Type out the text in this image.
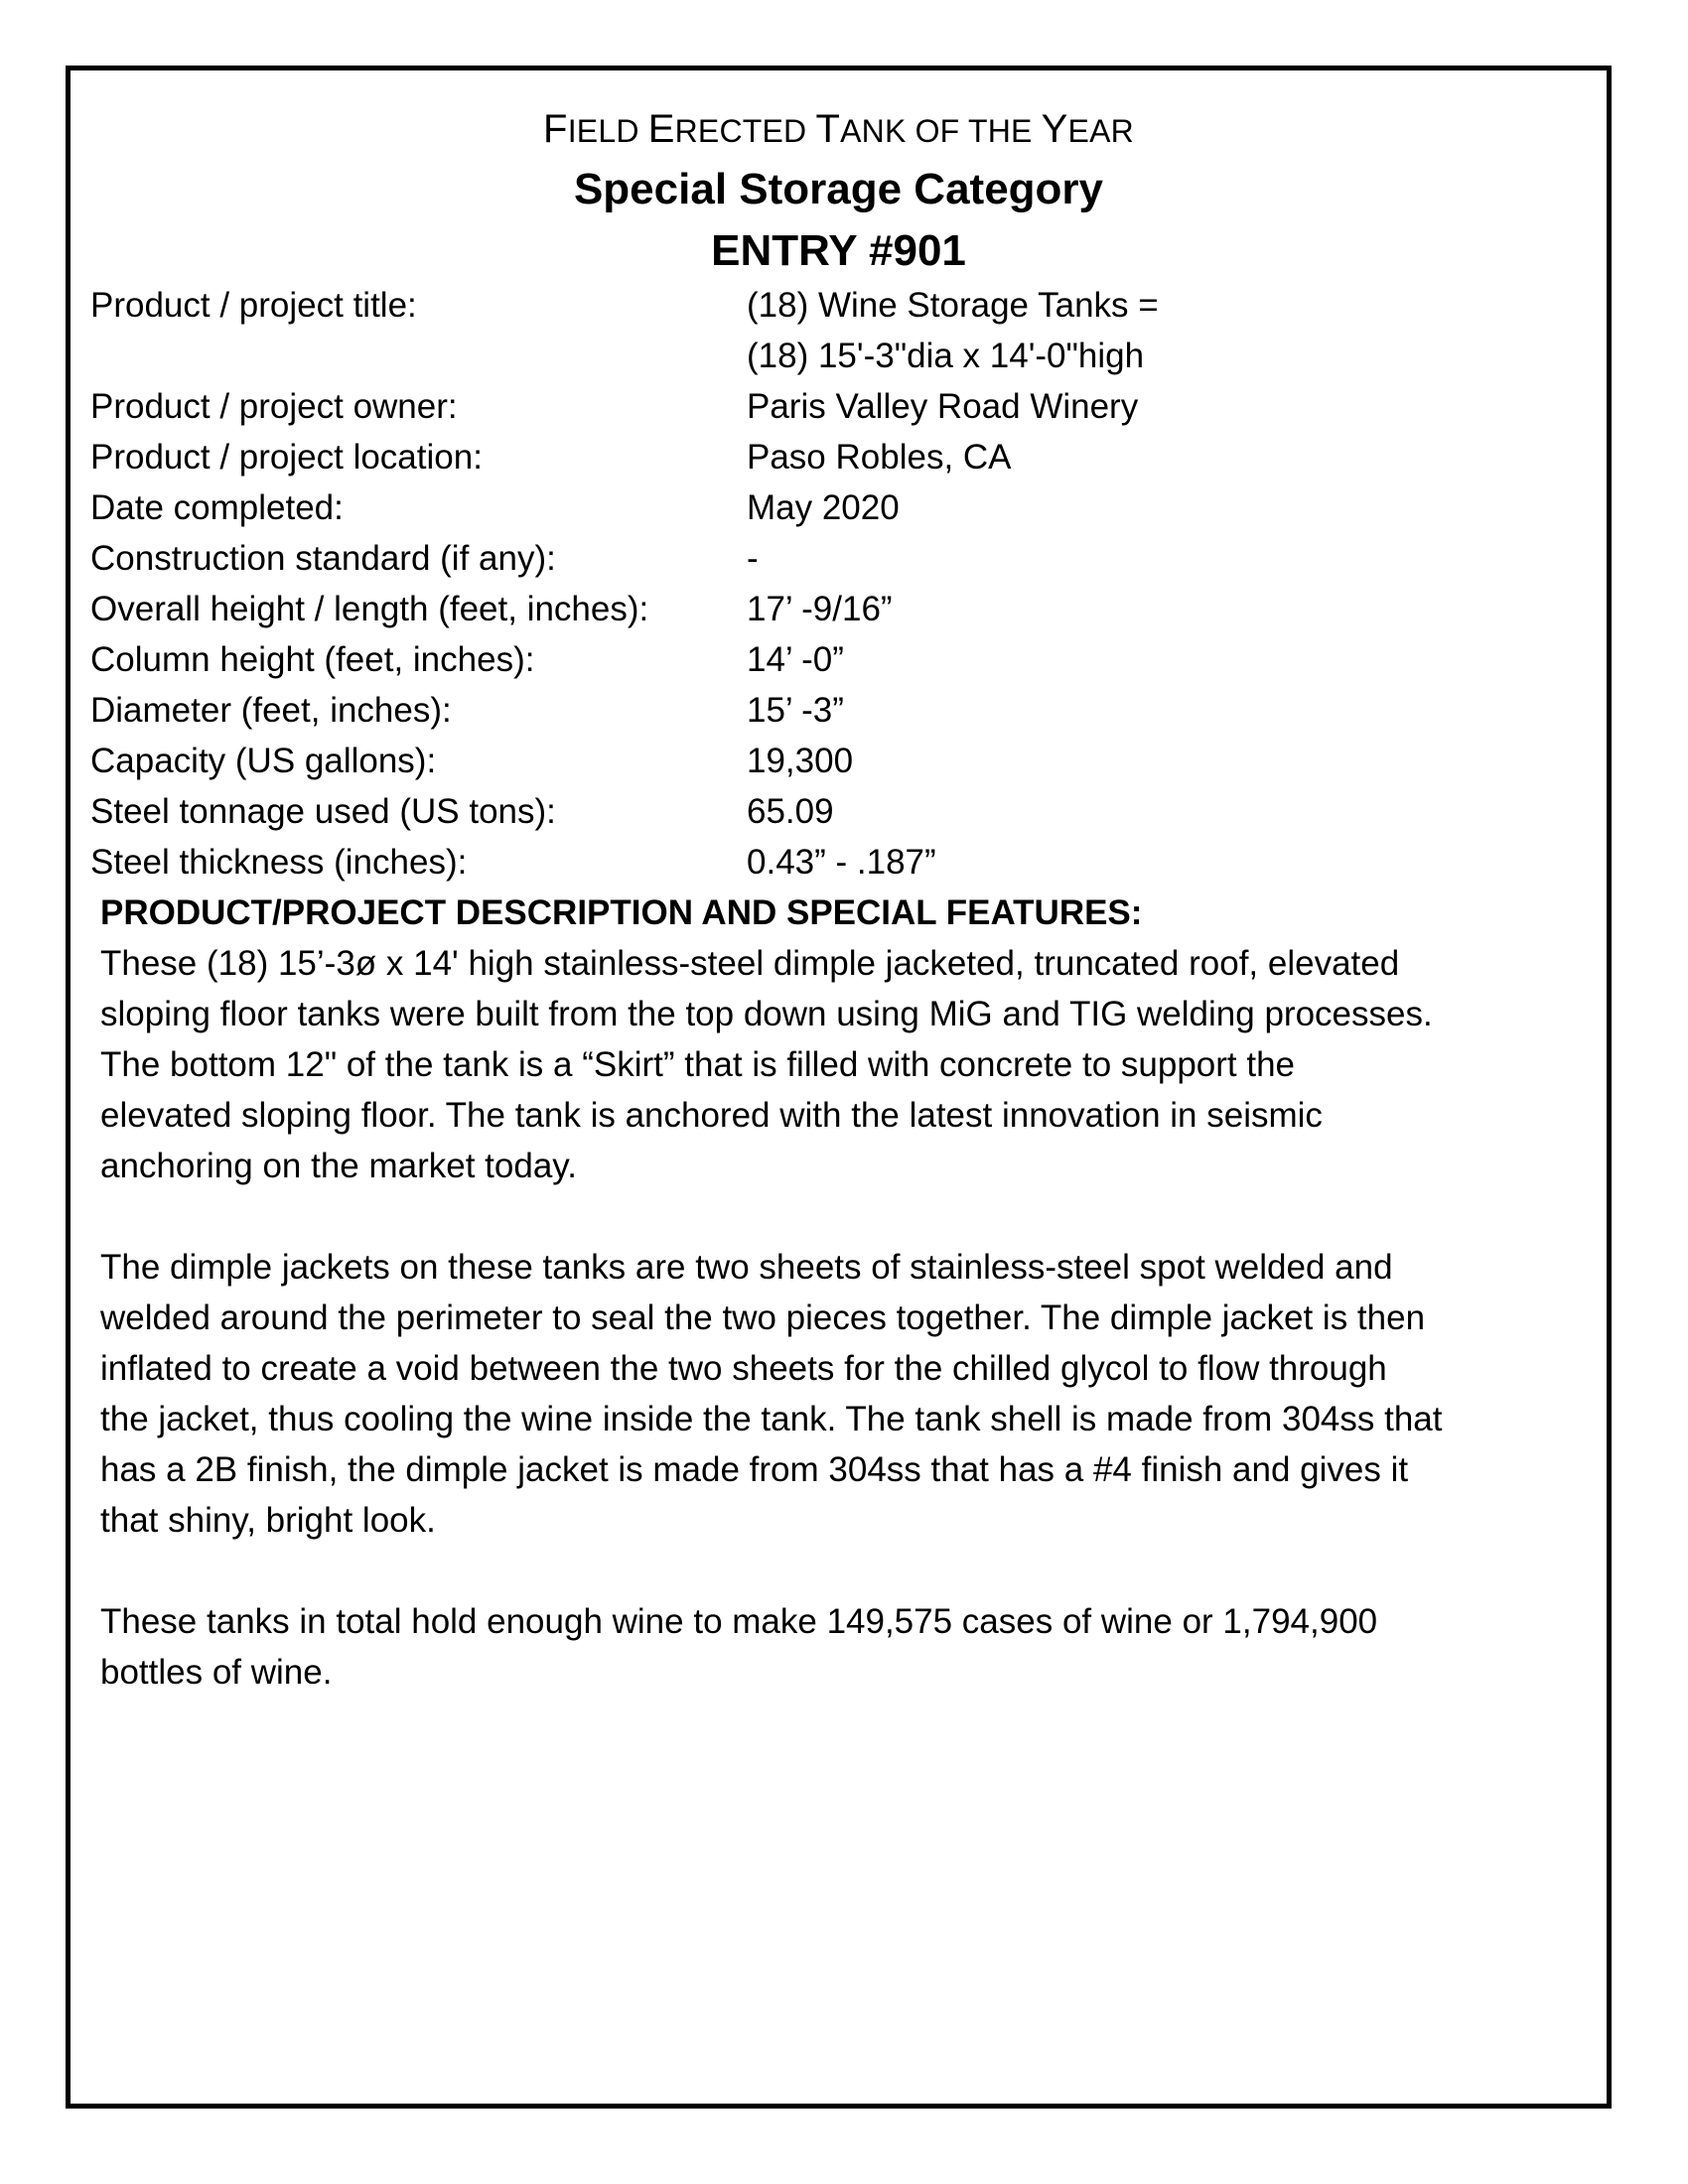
FIELD ERECTED TANK OF THE YEAR
Special Storage Category
ENTRY #901
Product / project title:	(18) Wine Storage Tanks =
(18) 15'-3"dia x 14'-0"high
Product / project owner:	Paris Valley Road Winery
Product / project location:	Paso Robles, CA
Date completed:	May 2020
Construction standard (if any):	-
Overall height / length (feet, inches):	17’ -9/16”
Column height (feet, inches):	14’ -0”
Diameter (feet, inches):	15’ -3”
Capacity (US gallons):	19,300
Steel tonnage used (US tons):	65.09
Steel thickness (inches):	0.43” - .187”
PRODUCT/PROJECT DESCRIPTION AND SPECIAL FEATURES:

These (18) 15’-3ø x 14' high stainless-steel dimple jacketed, truncated roof, elevated
sloping floor tanks were built from the top down using MiG and TIG welding processes.
The bottom 12" of the tank is a “Skirt” that is filled with concrete to support the
elevated sloping floor. The tank is anchored with the latest innovation in seismic
anchoring on the market today.

The dimple jackets on these tanks are two sheets of stainless-steel spot welded and
welded around the perimeter to seal the two pieces together. The dimple jacket is then
inflated to create a void between the two sheets for the chilled glycol to flow through
the jacket, thus cooling the wine inside the tank. The tank shell is made from 304ss that
has a 2B finish, the dimple jacket is made from 304ss that has a #4 finish and gives it
that shiny, bright look.

These tanks in total hold enough wine to make 149,575 cases of wine or 1,794,900
bottles of wine.
